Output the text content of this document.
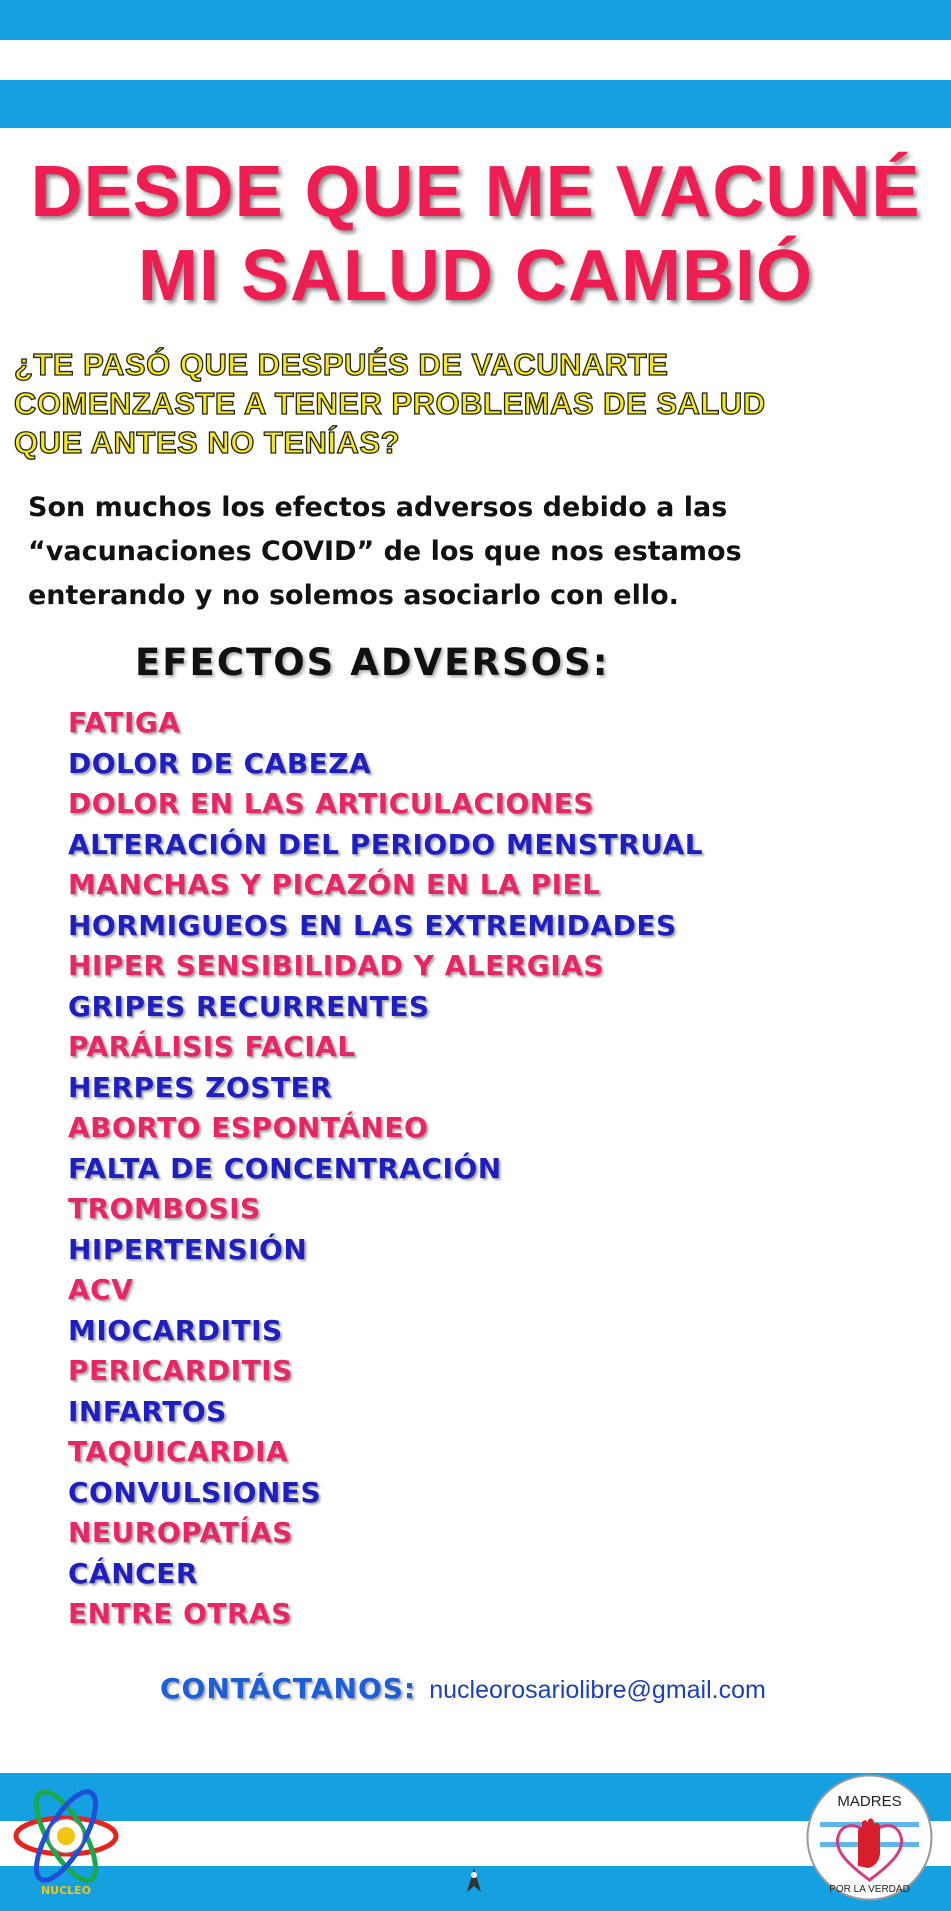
DESDE QUE ME VACUNÉ
MI SALUD CAMBIÓ
¿TE PASÓ QUE DESPUÉS DE VACUNARTE
COMENZASTE A TENER PROBLEMAS DE SALUD
QUE ANTES NO TENÍAS?
Son muchos los efectos adversos debido a las
“vacunaciones COVID” de los que nos estamos
enterando y no solemos asociarlo con ello.
EFECTOS ADVERSOS:
FATIGA
DOLOR DE CABEZA
DOLOR EN LAS ARTICULACIONES
ALTERACIÓN DEL PERIODO MENSTRUAL
MANCHAS Y PICAZÓN EN LA PIEL
HORMIGUEOS EN LAS EXTREMIDADES
HIPER SENSIBILIDAD Y ALERGIAS
GRIPES RECURRENTES
PARÁLISIS FACIAL
HERPES ZOSTER
ABORTO ESPONTÁNEO
FALTA DE CONCENTRACIÓN
TROMBOSIS
HIPERTENSIÓN
ACV
MIOCARDITIS
PERICARDITIS
INFARTOS
TAQUICARDIA
CONVULSIONES
NEUROPATÍAS
CÁNCER
ENTRE OTRAS
CONTÁCTANOS: nucleorosariolibre@gmail.com
NUCLEO
MADRES
POR LA VERDAD
